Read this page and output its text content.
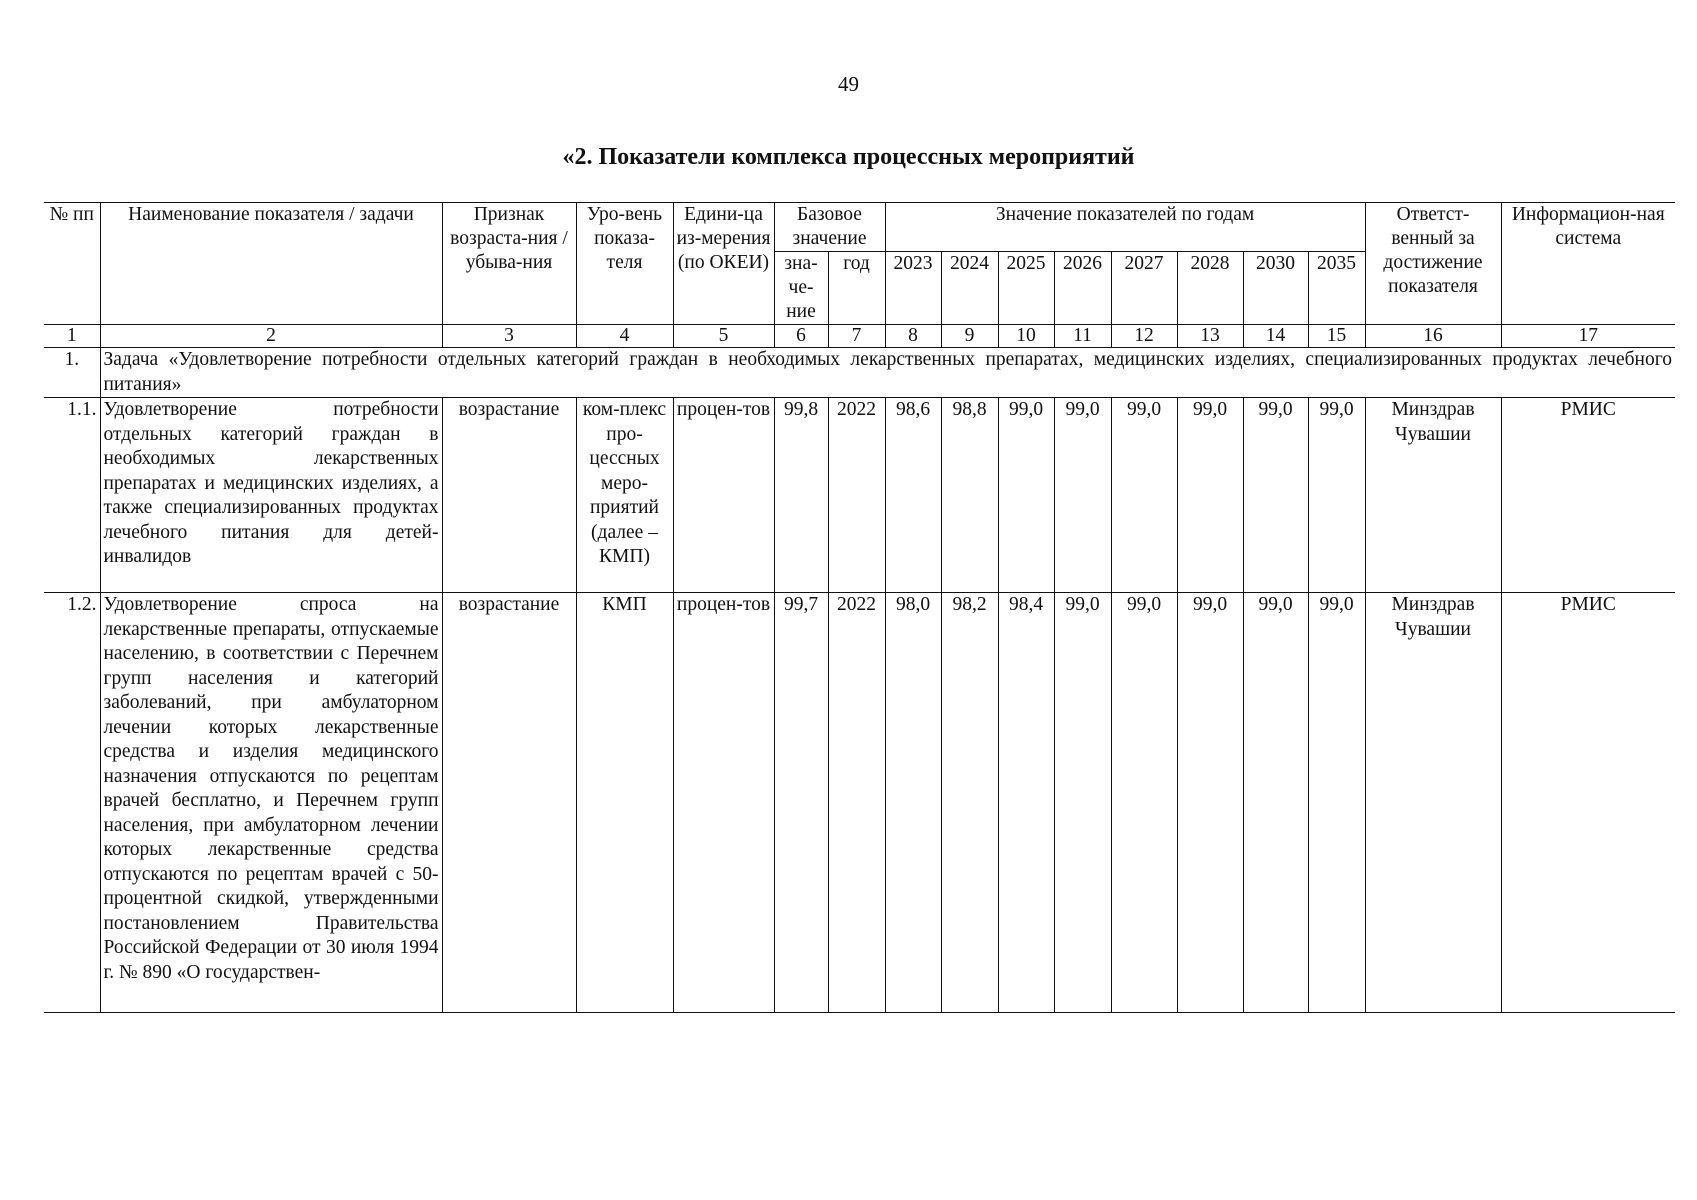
49
«2. Показатели комплекса процессных мероприятий
№ пп	Наименование показателя / задачи	Признак возраста-ния /убыва-ния	Уро-вень показа-теля	Едини-ца из-мерения (по ОКЕИ)	Базовое значение		Значение показателей по годам								Ответст-венный за достижение показателя	Информацион-ная система
					зна-че-ние	год	2023	2024	2025	2026	2027	2028	2030	2035		
1	2	3	4	5	6	7	8	9	10	11	12	13	14	15	16	17
1.	Задача «Удовлетворение потребности отдельных категорий граждан в необходимых лекарственных препаратах, медицинских изделиях, специализированных продуктах лечебного питания»															
1.1.	Удовлетворение потребности отдельных категорий граждан в необходимых лекарственных препаратах и медицинских изделиях, а также специализированных продуктах лечебного питания для детей-инвалидов	возрастание	ком-плекс про-цессных меро-приятий (далее – КМП)	процен-тов	99,8	2022	98,6	98,8	99,0	99,0	99,0	99,0	99,0	99,0	Минздрав Чувашии	РМИС
1.2.	Удовлетворение спроса на лекарственные препараты, отпускаемые населению, в соответствии с Перечнем групп населения и категорий заболеваний, при амбулаторном лечении которых лекарственные средства и изделия медицинского назначения отпускаются по рецептам врачей бесплатно, и Перечнем групп населения, при амбулаторном лечении которых лекарственные средства отпускаются по рецептам врачей с 50-процентной скидкой, утвержденными постановлением Правительства Российской Федерации от 30 июля 1994 г. № 890 «О государствен-	возрастание	КМП	процен-тов	99,7	2022	98,0	98,2	98,4	99,0	99,0	99,0	99,0	99,0	Минздрав Чувашии	РМИС
